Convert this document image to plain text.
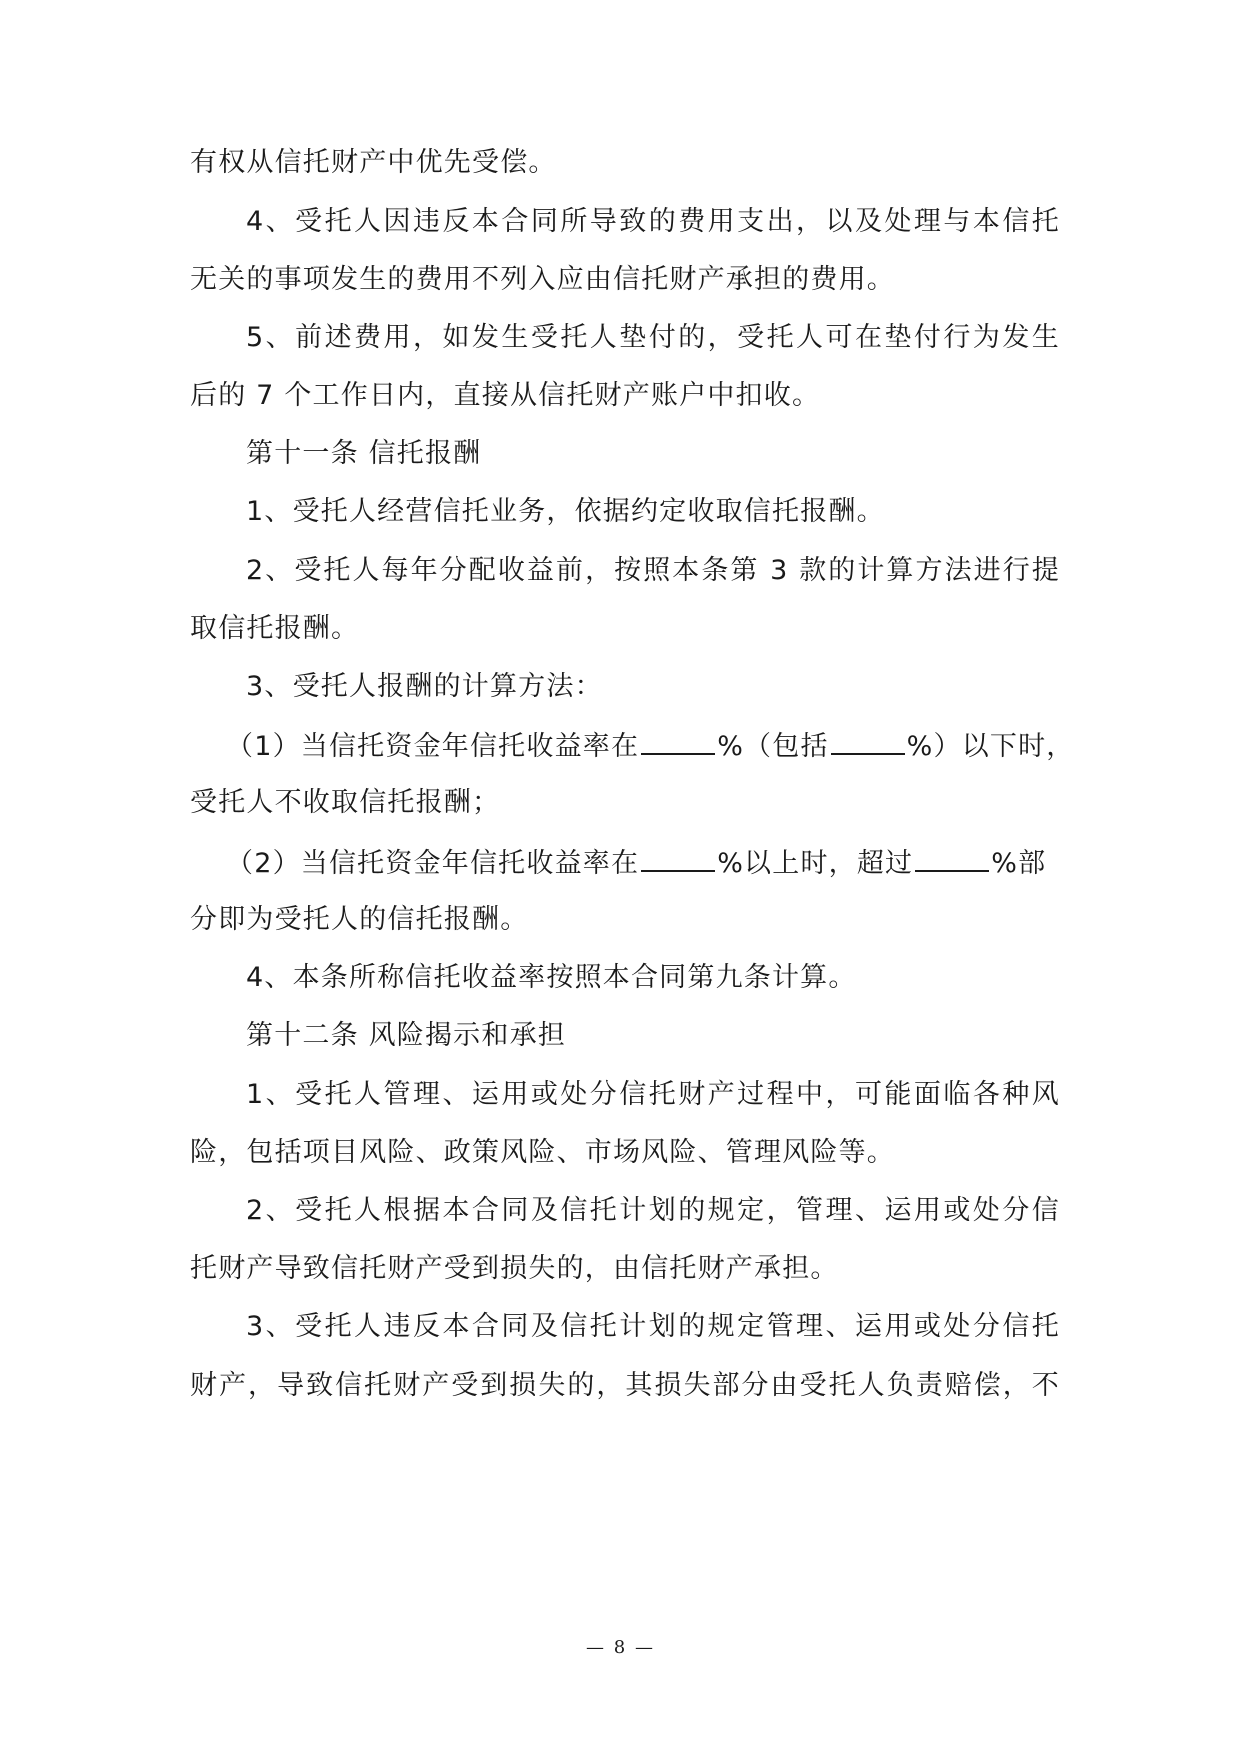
有权从信托财产中优先受偿。
4、受托人因违反本合同所导致的费用支出，以及处理与本信托
无关的事项发生的费用不列入应由信托财产承担的费用。
5、前述费用，如发生受托人垫付的，受托人可在垫付行为发生
后的 7 个工作日内，直接从信托财产账户中扣收。
第十一条 信托报酬
1、受托人经营信托业务，依据约定收取信托报酬。
2、受托人每年分配收益前，按照本条第 3 款的计算方法进行提
取信托报酬。
3、受托人报酬的计算方法：
（1）当信托资金年信托收益率在	%（包括	%）以下时，
受托人不收取信托报酬；
（2）当信托资金年信托收益率在	%以上时，超过	%部
分即为受托人的信托报酬。
4、本条所称信托收益率按照本合同第九条计算。
第十二条 风险揭示和承担
1、受托人管理、运用或处分信托财产过程中，可能面临各种风
险，包括项目风险、政策风险、市场风险、管理风险等。
2、受托人根据本合同及信托计划的规定，管理、运用或处分信
托财产导致信托财产受到损失的，由信托财产承担。
3、受托人违反本合同及信托计划的规定管理、运用或处分信托
财产，导致信托财产受到损失的，其损失部分由受托人负责赔偿，不
— 8 —
